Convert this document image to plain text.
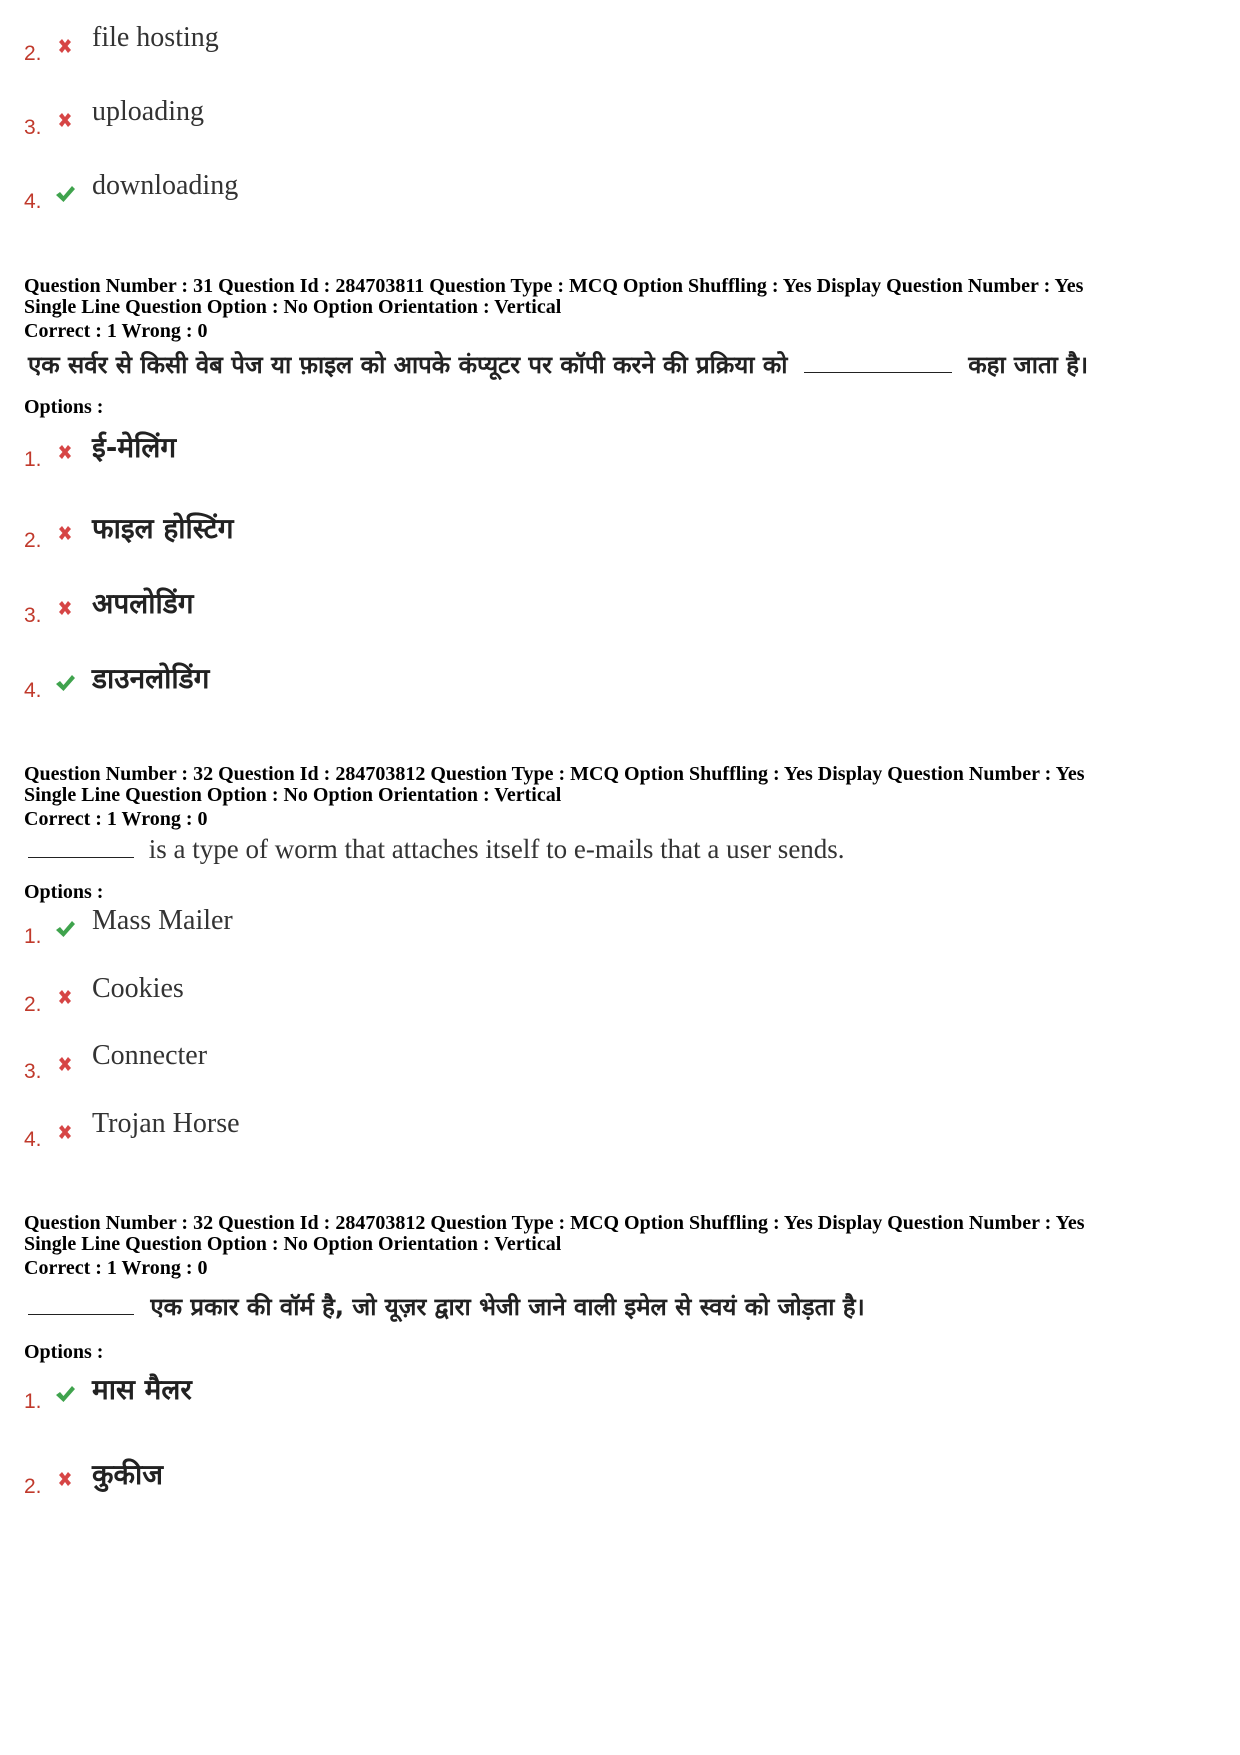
2.
file hosting
3.
uploading
4.
downloading
Question Number : 31 Question Id : 284703811 Question Type : MCQ Option Shuffling : Yes Display Question Number : Yes
Single Line Question Option : No Option Orientation : Vertical
Correct : 1 Wrong : 0
एक सर्वर से किसी वेब पेज या फ़ाइल को आपके कंप्यूटर पर कॉपी करने की प्रक्रिया को	कहा जाता है।
Options :
1. ई-मेलिंग
2. फाइल होस्टिंग
3. अपलोडिंग
4. डाउनलोडिंग
Question Number : 32 Question Id : 284703812 Question Type : MCQ Option Shuffling : Yes Display Question Number : Yes
Single Line Question Option : No Option Orientation : Vertical
Correct : 1 Wrong : 0
is a type of worm that attaches itself to e-mails that a user sends.
Options :
1.
Mass Mailer
2.
Cookies
3.
Connecter
4.
Trojan Horse
Question Number : 32 Question Id : 284703812 Question Type : MCQ Option Shuffling : Yes Display Question Number : Yes
Single Line Question Option : No Option Orientation : Vertical
Correct : 1 Wrong : 0
एक प्रकार की वॉर्म है, जो यूज़र द्वारा भेजी जाने वाली इमेल से स्वयं को जोड़ता है।
Options :
1. मास मैलर
2. कुकीज
